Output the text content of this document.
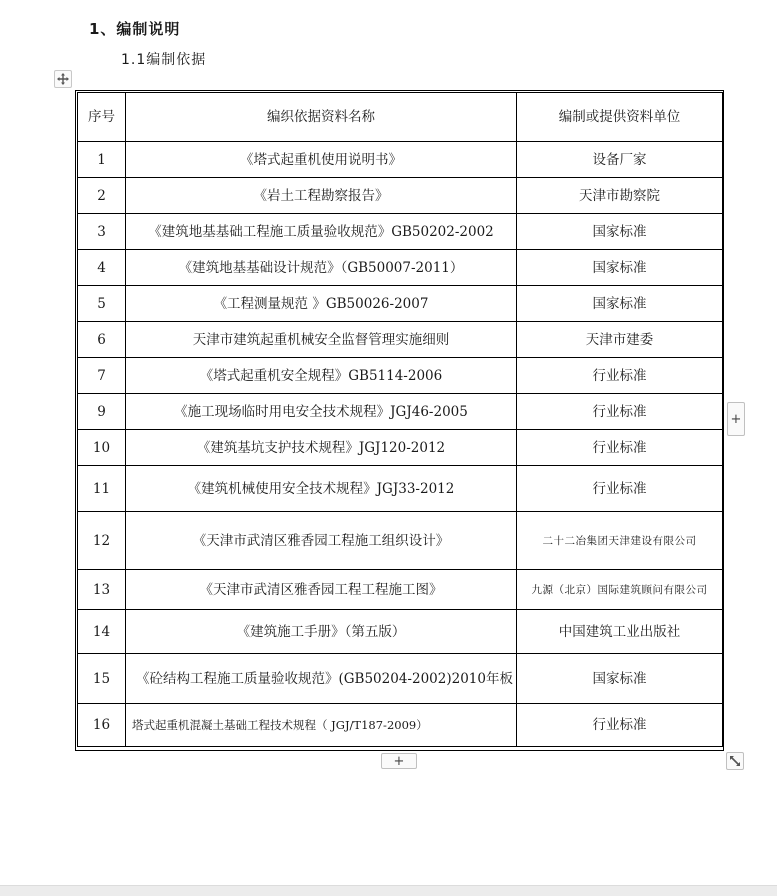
1、编制说明
1.1编制依据
序号	编织依据资料名称	编制或提供资料单位
1	《塔式起重机使用说明书》	设备厂家
2	《岩土工程勘察报告》	天津市勘察院
3	《建筑地基基础工程施工质量验收规范》GB50202-2002	国家标准
4	《建筑地基基础设计规范》（GB50007-2011）	国家标准
5	《工程测量规范 》GB50026-2007	国家标准
6	天津市建筑起重机械安全监督管理实施细则	天津市建委
7	《塔式起重机安全规程》GB5114-2006	行业标准
9	《施工现场临时用电安全技术规程》JGJ46-2005	行业标准
10	《建筑基坑支护技术规程》JGJ120-2012	行业标准
11	《建筑机械使用安全技术规程》JGJ33-2012	行业标准
12	《天津市武清区雅香园工程施工组织设计》	二十二冶集团天津建设有限公司
13	《天津市武清区雅香园工程工程施工图》	九源（北京）国际建筑顾问有限公司
14	《建筑施工手册》（第五版）	中国建筑工业出版社
15	《砼结构工程施工质量验收规范》(GB50204-2002)2010年板	国家标准
16	塔式起重机混凝土基础工程技术规程（ JGJ/T187-2009）	行业标准
+
+
